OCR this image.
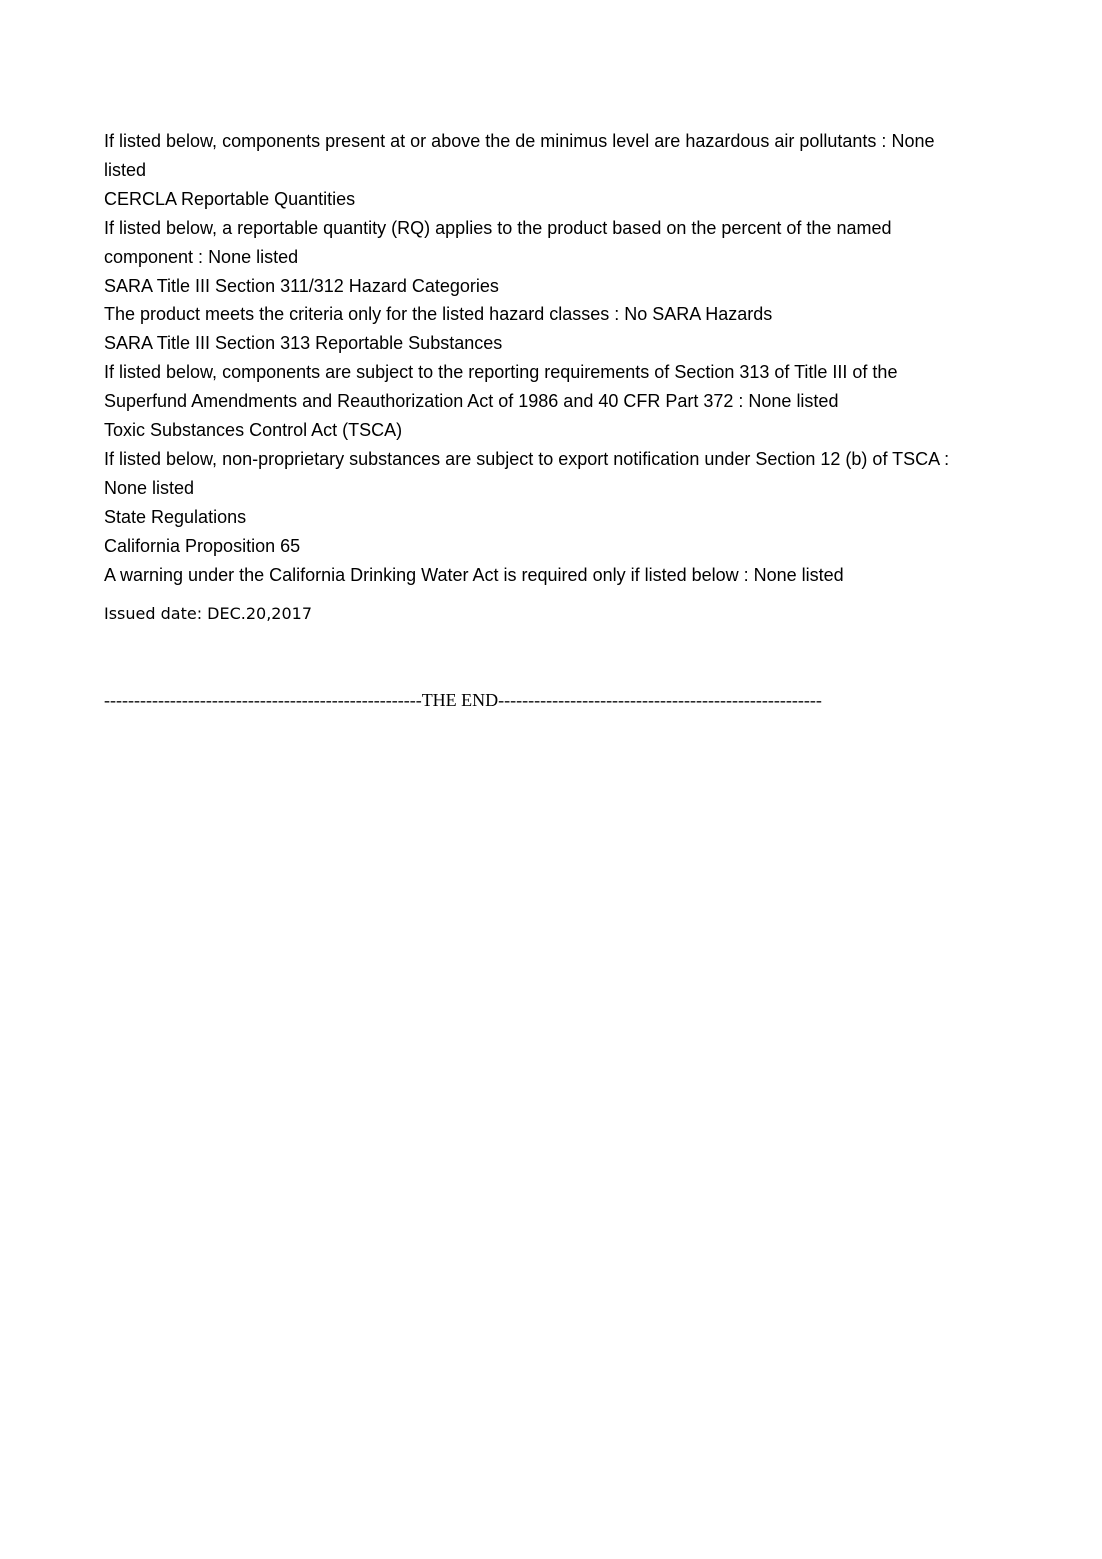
If listed below, components present at or above the de minimus level are hazardous air pollutants : None
listed
CERCLA Reportable Quantities
If listed below, a reportable quantity (RQ) applies to the product based on the percent of the named
component : None listed
SARA Title III Section 311/312 Hazard Categories
The product meets the criteria only for the listed hazard classes : No SARA Hazards
SARA Title III Section 313 Reportable Substances
If listed below, components are subject to the reporting requirements of Section 313 of Title III of the
Superfund Amendments and Reauthorization Act of 1986 and 40 CFR Part 372 : None listed
Toxic Substances Control Act (TSCA)
If listed below, non-proprietary substances are subject to export notification under Section 12 (b) of TSCA :
None listed
State Regulations
California Proposition 65
A warning under the California Drinking Water Act is required only if listed below : None listed
Issued date: DEC.20,2017
-----------------------------------------------------THE END------------------------------------------------------
